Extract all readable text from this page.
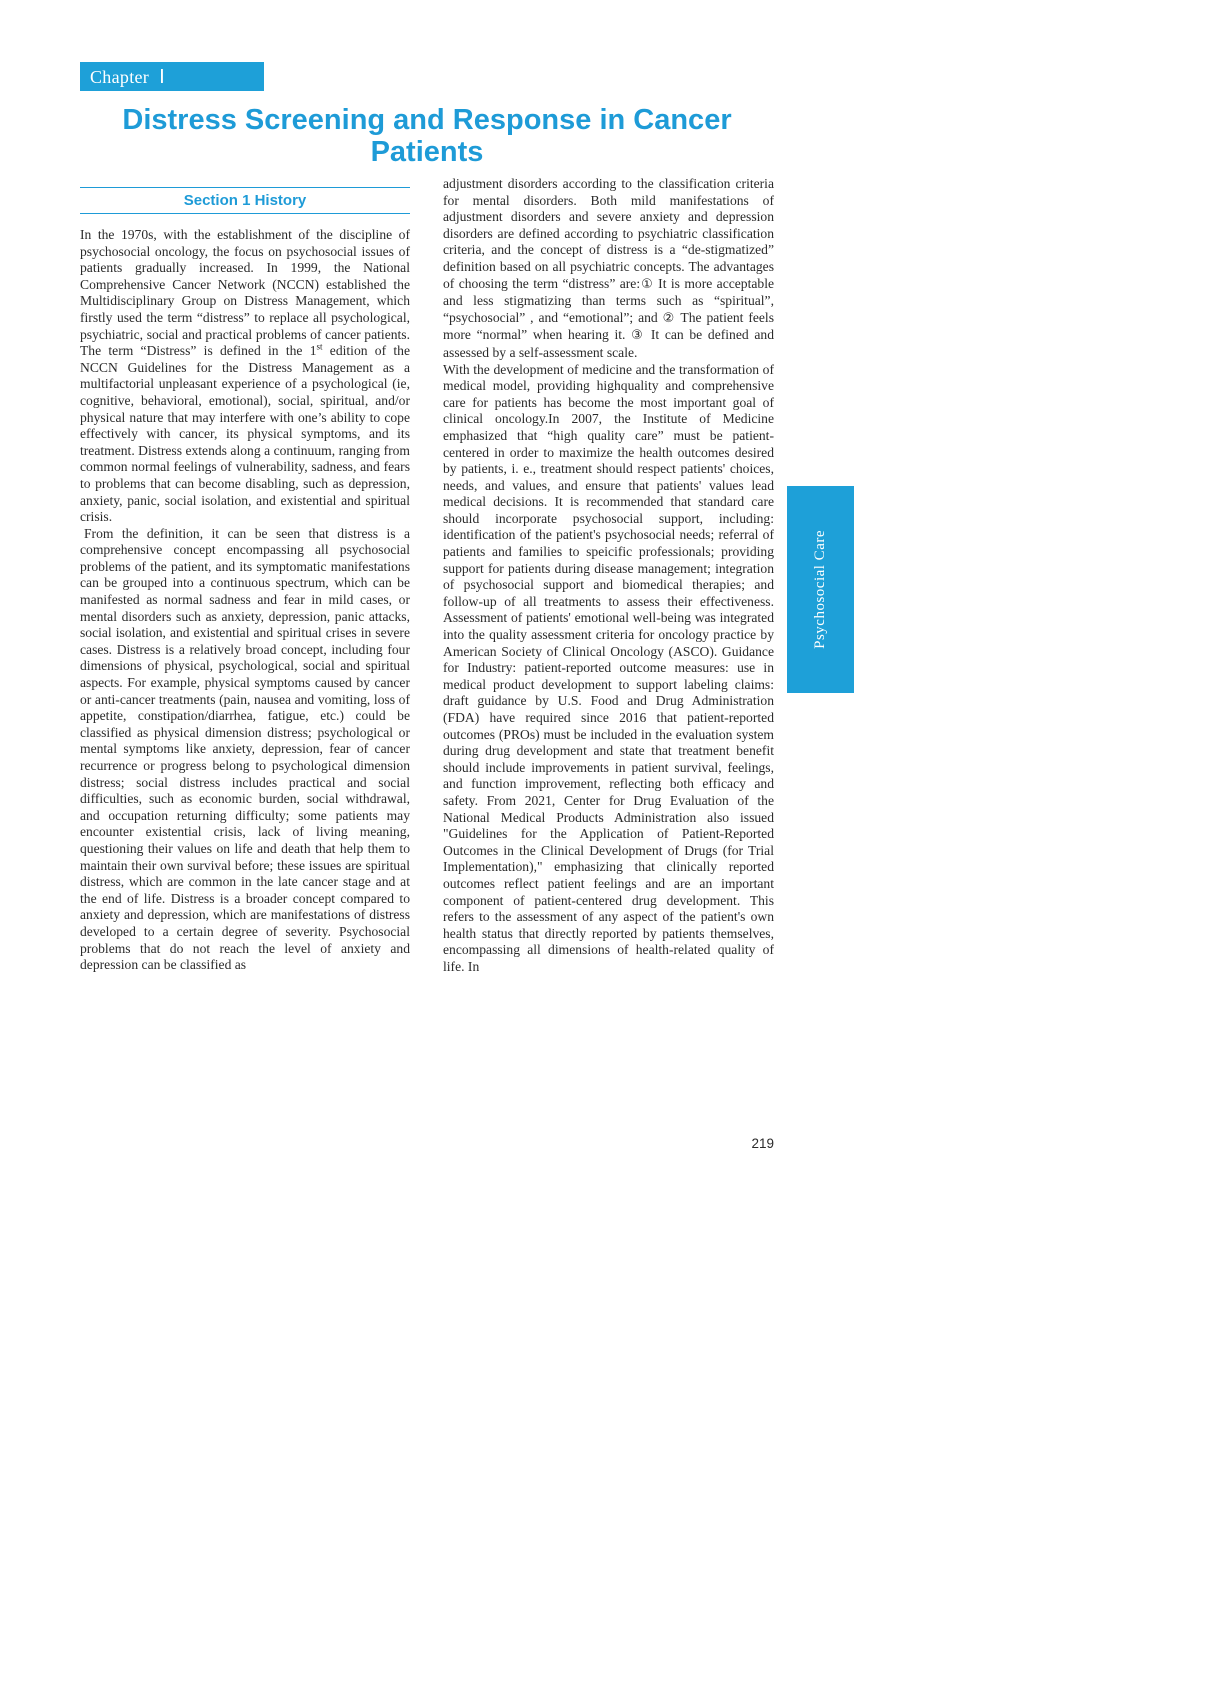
Chapter Ⅰ
Distress Screening and Response in Cancer Patients
Section 1 History

In the 1970s, with the establishment of the discipline of psychosocial oncology, the focus on psychosocial issues of patients gradually increased. In 1999, the National Comprehensive Cancer Network (NCCN) established the Multidisciplinary Group on Distress Management, which firstly used the term “distress” to replace all psychological, psychiatric, social and practical problems of cancer patients. The term “Distress” is defined in the 1st edition of the NCCN Guidelines for the Distress Management as a multifactorial unpleasant experience of a psychological (ie, cognitive, behavioral, emotional), social, spiritual, and/or physical nature that may interfere with one’s ability to cope effectively with cancer, its physical symptoms, and its treatment. Distress extends along a continuum, ranging from common normal feelings of vulnerability, sadness, and fears to problems that can become disabling, such as depression, anxiety, panic, social isolation, and existential and spiritual crisis.

From the definition, it can be seen that distress is a comprehensive concept encompassing all psychosocial problems of the patient, and its symptomatic manifestations can be grouped into a continuous spectrum, which can be manifested as normal sadness and fear in mild cases, or mental disorders such as anxiety, depression, panic attacks, social isolation, and existential and spiritual crises in severe cases. Distress is a relatively broad concept, including four dimensions of physical, psychological, social and spiritual aspects. For example, physical symptoms caused by cancer or anti-cancer treatments (pain, nausea and vomiting, loss of appetite, constipation/diarrhea, fatigue, etc.) could be classified as physical dimension distress; psychological or mental symptoms like anxiety, depression, fear of cancer recurrence or progress belong to psychological dimension distress; social distress includes practical and social difficulties, such as economic burden, social withdrawal, and occupation returning difficulty; some patients may encounter existential crisis, lack of living meaning, questioning their values on life and death that help them to maintain their own survival before; these issues are spiritual distress, which are common in the late cancer stage and at the end of life. Distress is a broader concept compared to anxiety and depression, which are manifestations of distress developed to a certain degree of severity. Psychosocial problems that do not reach the level of anxiety and depression can be classified as

adjustment disorders according to the classification criteria for mental disorders. Both mild manifestations of adjustment disorders and severe anxiety and depression disorders are defined according to psychiatric classification criteria, and the concept of distress is a “de-stigmatized” definition based on all psychiatric concepts. The advantages of choosing the term “distress” are:① It is more acceptable and less stigmatizing than terms such as “spiritual”, “psychosocial” , and “emotional”; and ② The patient feels more “normal” when hearing it. ③ It can be defined and assessed by a self-assessment scale.

With the development of medicine and the transformation of medical model, providing highquality and comprehensive care for patients has become the most important goal of clinical oncology.In 2007, the Institute of Medicine emphasized that “high quality care” must be patient-centered in order to maximize the health outcomes desired by patients, i. e., treatment should respect patients' choices, needs, and values, and ensure that patients' values lead medical decisions. It is recommended that standard care should incorporate psychosocial support, including: identification of the patient's psychosocial needs; referral of patients and families to speicific professionals; providing support for patients during disease management; integration of psychosocial support and biomedical therapies; and follow-up of all treatments to assess their effectiveness. Assessment of patients' emotional well-being was integrated into the quality assessment criteria for oncology practice by American Society of Clinical Oncology (ASCO). Guidance for Industry: patient-reported outcome measures: use in medical product development to support labeling claims: draft guidance by U.S. Food and Drug Administration (FDA) have required since 2016 that patient-reported outcomes (PROs) must be included in the evaluation system during drug development and state that treatment benefit should include improvements in patient survival, feelings, and function improvement, reflecting both efficacy and safety. From 2021, Center for Drug Evaluation of the National Medical Products Administration also issued "Guidelines for the Application of Patient-Reported Outcomes in the Clinical Development of Drugs (for Trial Implementation)," emphasizing that clinically reported outcomes reflect patient feelings and are an important component of patient-centered drug development. This refers to the assessment of any aspect of the patient's own health status that directly reported by patients themselves, encompassing all dimensions of health-related quality of life. In

Psychosocial Care
219
